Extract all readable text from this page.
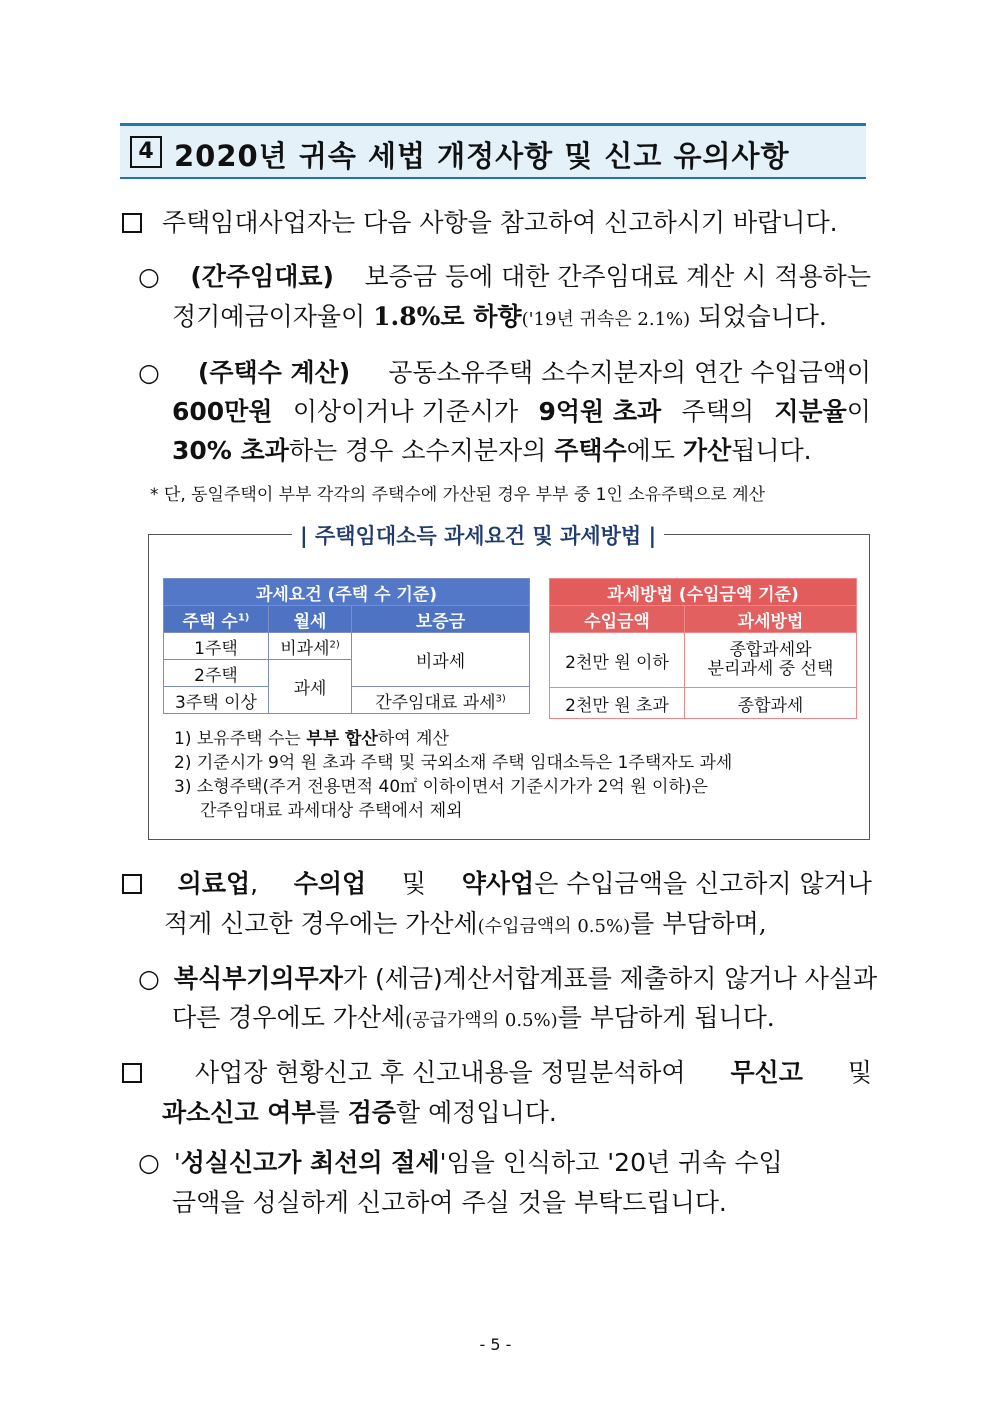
4 2020년 귀속 세법 개정사항 및 신고 유의사항
주택임대사업자는 다음 사항을 참고하여 신고하시기 바랍니다.
○ (간주임대료) 보증금 등에 대한 간주임대료 계산 시 적용하는
정기예금이자율이 1.8%로 하향('19년 귀속은 2.1%) 되었습니다.
○ (주택수 계산) 공동소유주택 소수지분자의 연간 수입금액이
600만원 이상이거나 기준시가 9억원 초과 주택의 지분율이
30% 초과하는 경우 소수지분자의 주택수에도 가산됩니다.
* 단, 동일주택이 부부 각각의 주택수에 가산된 경우 부부 중 1인 소유주택으로 계산
| 주택임대소득 과세요건 및 과세방법 |
과세요건 (주택 수 기준)		
주택 수$^{1)}$	월세	보증금
1주택	비과세$^{2)}$	비과세
2주택	과세	
3주택 이상		간주임대료 과세$^{3)}$
과세방법 (수입금액 기준)	
수입금액	과세방법
2천만 원 이하	종합과세와
분리과세 중 선택

2천만 원 초과	종합과세
1) 보유주택 수는 부부 합산하여 계산
2) 기준시가 9억 원 초과 주택 및 국외소재 주택 임대소득은 1주택자도 과세
3) 소형주택(주거 전용면적 40㎡ 이하이면서 기준시가가 2억 원 이하)은
간주임대료 과세대상 주택에서 제외
의료업, 수의업 및 약사업은 수입금액을 신고하지 않거나
적게 신고한 경우에는 가산세(수입금액의 0.5%)를 부담하며,
○ 복식부기의무자가 (세금)계산서합계표를 제출하지 않거나 사실과
다른 경우에도 가산세(공급가액의 0.5%)를 부담하게 됩니다.
사업장 현황신고 후 신고내용을 정밀분석하여 무신고 및
과소신고 여부를 검증할 예정입니다.
○ '성실신고가 최선의 절세'임을 인식하고 '20년 귀속 수입
금액을 성실하게 신고하여 주실 것을 부탁드립니다.
- 5 -
